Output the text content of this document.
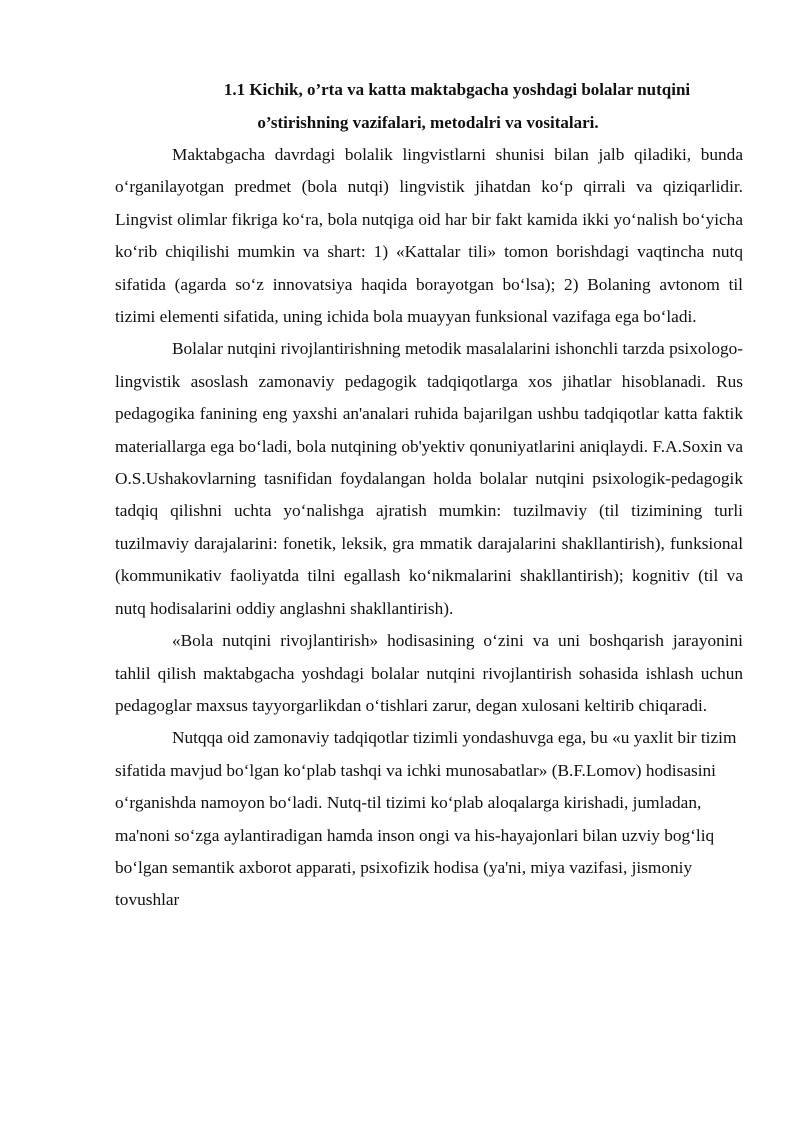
1.1 Kichik, o’rta va katta maktabgacha yoshdagi bolalar nutqini
o’stirishning vazifalari, metodalri va vositalari.

Maktabgacha davrdagi bolalik lingvistlarni shunisi bilan jalb qiladiki, bunda oʻrganilayotgan predmet (bola nutqi) lingvistik jihatdan koʻp qirrali va qiziqarlidir. Lingvist olimlar fikriga koʻra, bola nutqiga oid har bir fakt kamida ikki yoʻnalish boʻyicha koʻrib chiqilishi mumkin va shart: 1) «Kattalar tili» tomon borishdagi vaqtincha nutq sifatida (agarda soʻz innovatsiya haqida borayotgan boʻlsa); 2) Bolaning avtonom til tizimi elementi sifatida, uning ichida bola muayyan funksional vazifaga ega boʻladi.

Bolalar nutqini rivojlantirishning metodik masalalarini ishonchli tarzda psixologo-lingvistik asoslash zamonaviy pedagogik tadqiqotlarga xos jihatlar hisoblanadi. Rus pedagogika fanining eng yaxshi an'analari ruhida bajarilgan ushbu tadqiqotlar katta faktik materiallarga ega boʻladi, bola nutqining ob'yektiv qonuniyatlarini aniqlaydi. F.A.Soxin va O.S.Ushakovlarning tasnifidan foydalangan holda bolalar nutqini psixologik-pedagogik tadqiq qilishni uchta yoʻnalishga ajratish mumkin: tuzilmaviy (til tizimining turli tuzilmaviy darajalarini: fonetik, leksik, gra mmatik darajalarini shakllantirish), funksional (kommunikativ faoliyatda tilni egallash koʻnikmalarini shakllantirish); kognitiv (til va nutq hodisalarini oddiy anglashni shakllantirish).

«Bola nutqini rivojlantirish» hodisasining oʻzini va uni boshqarish jarayonini tahlil qilish maktabgacha yoshdagi bolalar nutqini rivojlantirish sohasida ishlash uchun pedagoglar maxsus tayyorgarlikdan oʻtishlari zarur, degan xulosani keltirib chiqaradi.

Nutqqa oid zamonaviy tadqiqotlar tizimli yondashuvga ega, bu «u yaxlit bir tizim sifatida mavjud boʻlgan koʻplab tashqi va ichki munosabatlar» (B.F.Lomov) hodisasini oʻrganishda namoyon boʻladi. Nutq-til tizimi koʻplab aloqalarga kirishadi, jumladan, ma'noni soʻzga aylantiradigan hamda inson ongi va his-hayajonlari bilan uzviy bogʻliq boʻlgan semantik axborot apparati, psixofizik hodisa (ya'ni, miya vazifasi, jismoniy tovushlar
